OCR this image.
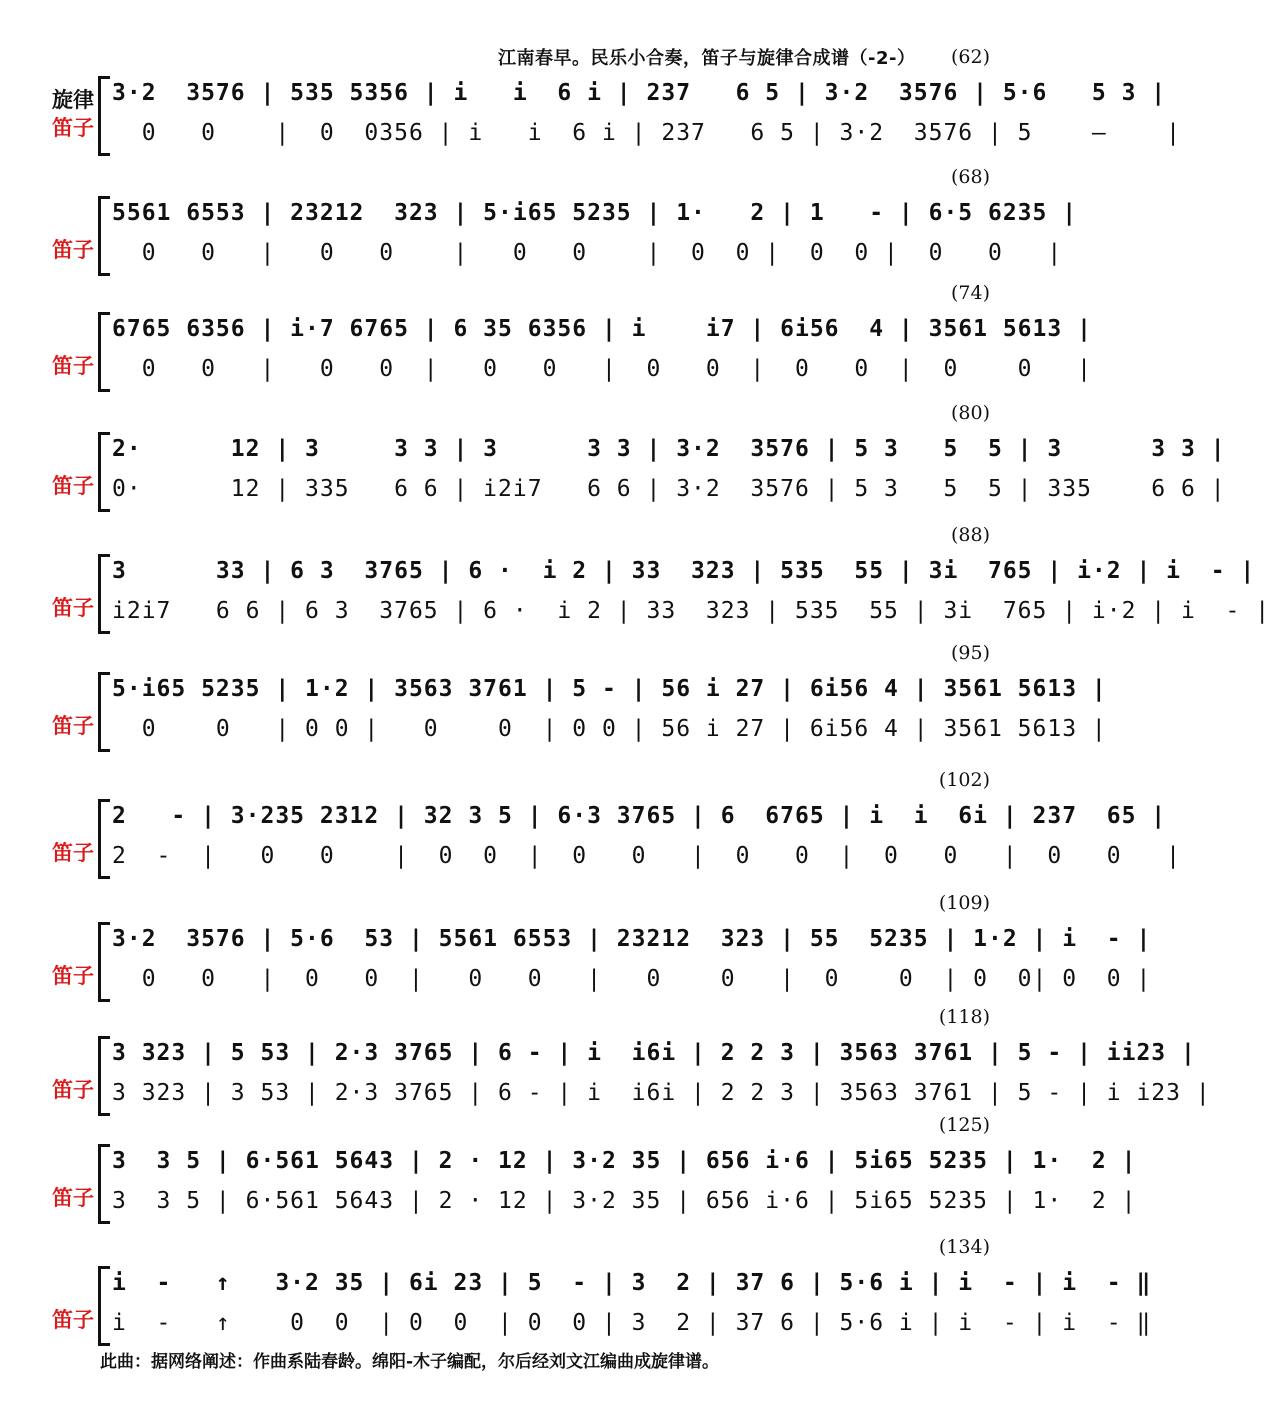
江南春早。民乐小合奏，笛子与旋律合成谱（-2-） (62)
旋律
笛子
3·2  3576 | 535 5356 | i   i  6 i | 237   6 5 | 3·2  3576 | 5·6   5 3 |
0   0    |  0  0356 | i   i  6 i | 237   6 5 | 3·2  3576 | 5    —    |
(68)
笛子
5561 6553 | 23212  323 | 5·i65 5235 | 1·   2 | 1   - | 6·5 6235 |
0   0   |   0   0    |   0   0    |  0  0 |  0  0 |  0   0   |
(74)
笛子
6765 6356 | i·7 6765 | 6 35 6356 | i    i7 | 6i56  4 | 3561 5613 |
0   0   |   0   0  |   0   0   |  0   0  |  0   0  |  0    0   |
(80)
笛子
2·      12 | 3     3 3 | 3      3 3 | 3·2  3576 | 5 3   5  5 | 3      3 3 |
0·      12 | 335   6 6 | i2i7   6 6 | 3·2  3576 | 5 3   5  5 | 335    6 6 |
(88)
笛子
3      33 | 6 3  3765 | 6 ·  i 2 | 33  323 | 535  55 | 3i  765 | i·2 | i  - |
i2i7   6 6 | 6 3  3765 | 6 ·  i 2 | 33  323 | 535  55 | 3i  765 | i·2 | i  - |
(95)
笛子
5·i65 5235 | 1·2 | 3563 3761 | 5 - | 56 i 27 | 6i56 4 | 3561 5613 |
0    0   | 0 0 |   0    0  | 0 0 | 56 i 27 | 6i56 4 | 3561 5613 |
(102)
笛子
2   - | 3·235 2312 | 32 3 5 | 6·3 3765 | 6  6765 | i  i  6i | 237  65 |
2  -  |   0   0    |  0  0  |  0   0   |  0   0  |  0   0   |  0   0   |
(109)
笛子
3·2  3576 | 5·6  53 | 5561 6553 | 23212  323 | 55  5235 | 1·2 | i  - |
0   0   |  0   0  |   0   0   |   0    0   |  0    0  | 0  0| 0  0 |
(118)
笛子
3 323 | 5 53 | 2·3 3765 | 6 - | i  i6i | 2 2 3 | 3563 3761 | 5 - | ii23 |
3 323 | 3 53 | 2·3 3765 | 6 - | i  i6i | 2 2 3 | 3563 3761 | 5 - | i i23 |
(125)
笛子
3  3 5 | 6·561 5643 | 2 · 12 | 3·2 35 | 656 i·6 | 5i65 5235 | 1·  2 |
3  3 5 | 6·561 5643 | 2 · 12 | 3·2 35 | 656 i·6 | 5i65 5235 | 1·  2 |
(134)
笛子
i  -   ↑   3·2 35 | 6i 23 | 5  - | 3  2 | 37 6 | 5·6 i | i  - | i  - ‖
i  -   ↑    0  0  | 0  0  | 0  0 | 3  2 | 37 6 | 5·6 i | i  - | i  - ‖
此曲：据网络阐述：作曲系陆春龄。绵阳-木子编配，尔后经刘文江编曲成旋律谱。
